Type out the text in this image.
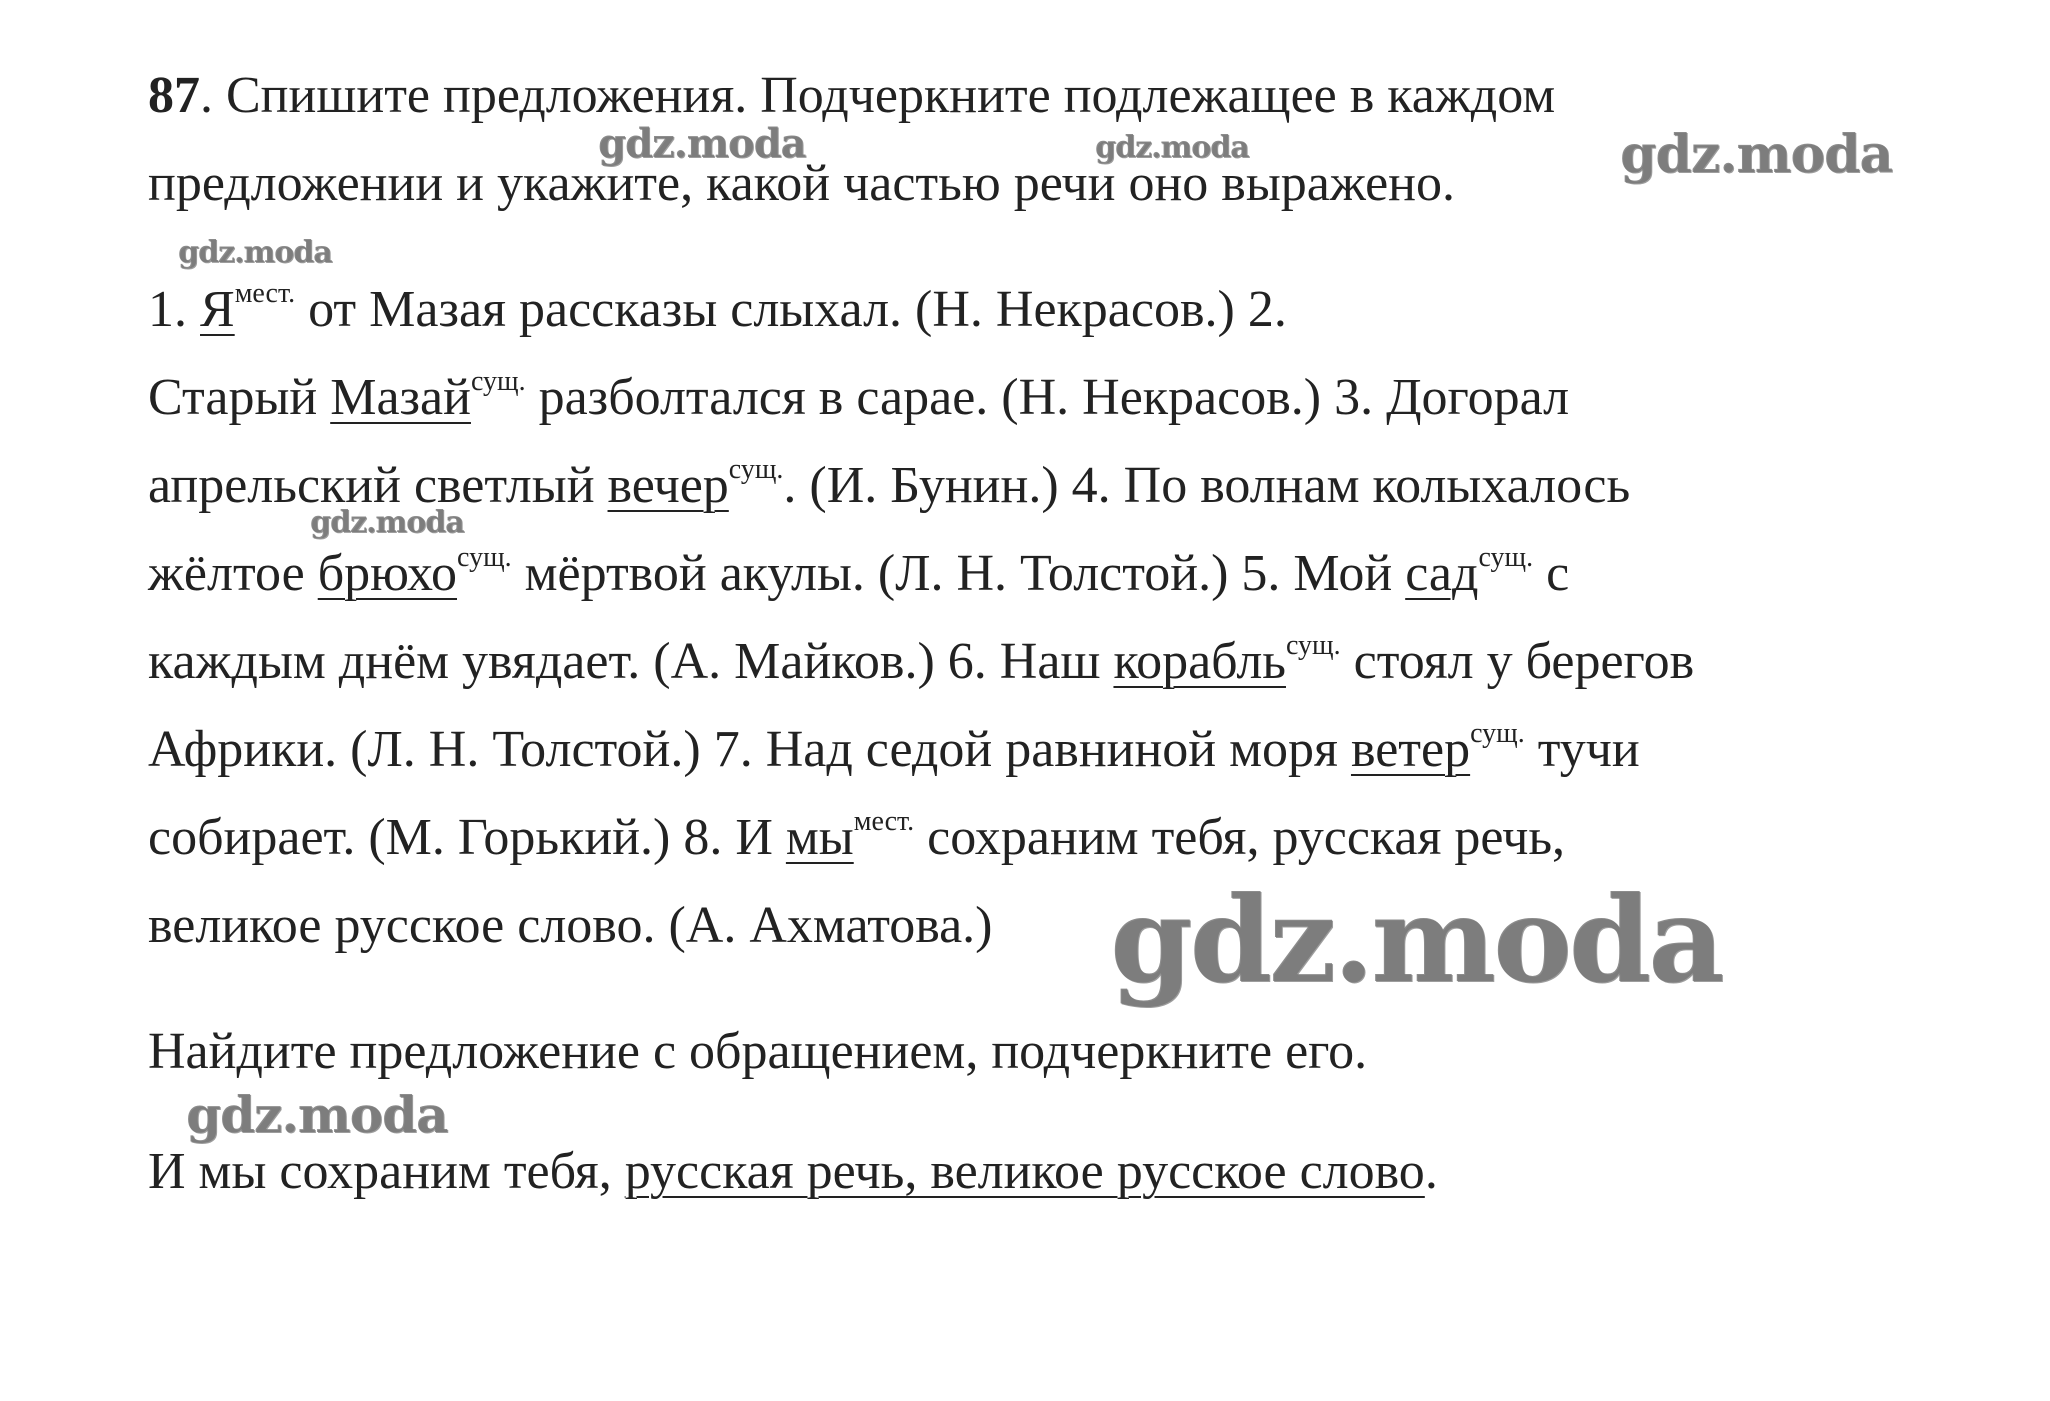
87. Спишите предложения. Подчеркните подлежащее в каждом
предложении и укажите, какой частью речи оно выражено.
1. $Я^{мест.}$ от Мазая рассказы слыхал. (Н. Некрасов.) 2.
Старый Мазай$^{сущ.}$ разболтался в сарае. (Н. Некрасов.) 3. Догорал
апрельский светлый вечер$^{сущ.}$. (И. Бунин.) 4. По волнам колыхалось
жёлтое брюхо$^{сущ.}$ мёртвой акулы. (Л. Н. Толстой.) 5. Мой сад$^{сущ.}$ с
каждым днём увядает. (А. Майков.) 6. Наш корабль$^{сущ.}$ стоял у берегов
Африки. (Л. Н. Толстой.) 7. Над седой равниной моря ветер$^{сущ.}$ тучи
собирает. (М. Горький.) 8. И $мы^{мест.}$ сохраним тебя, русская речь,
великое русское слово. (А. Ахматова.)
Найдите предложение с обращением, подчеркните его.
И мы сохраним тебя, русская речь, великое русское слово.
gdz.moda	gdz.moda	gdz.moda
gdz.moda
gdz.moda
gdz.moda
gdz.moda
